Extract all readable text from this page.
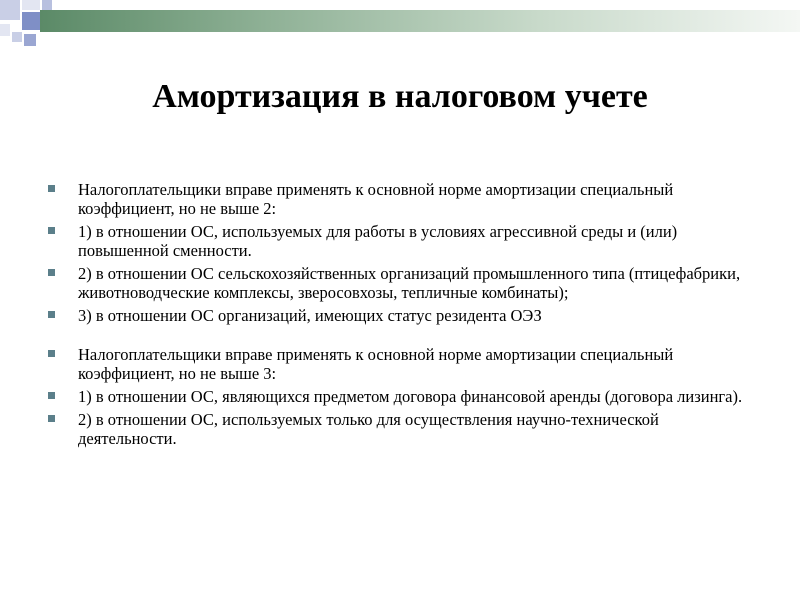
Амортизация в налоговом учете
Налогоплательщики вправе применять к основной норме амортизации специальный коэффициент, но не выше 2:
1) в отношении ОС, используемых для работы в условиях агрессивной среды и (или) повышенной сменности.
2) в отношении ОС сельскохозяйственных организаций промышленного типа (птицефабрики, животноводческие комплексы, зверосовхозы, тепличные комбинаты);
3) в отношении ОС организаций, имеющих статус резидента ОЭЗ
Налогоплательщики вправе применять к основной норме амортизации специальный коэффициент, но не выше 3:
1) в отношении ОС, являющихся предметом договора финансовой аренды (договора лизинга).
2) в отношении ОС, используемых только для осуществления научно-технической деятельности.
